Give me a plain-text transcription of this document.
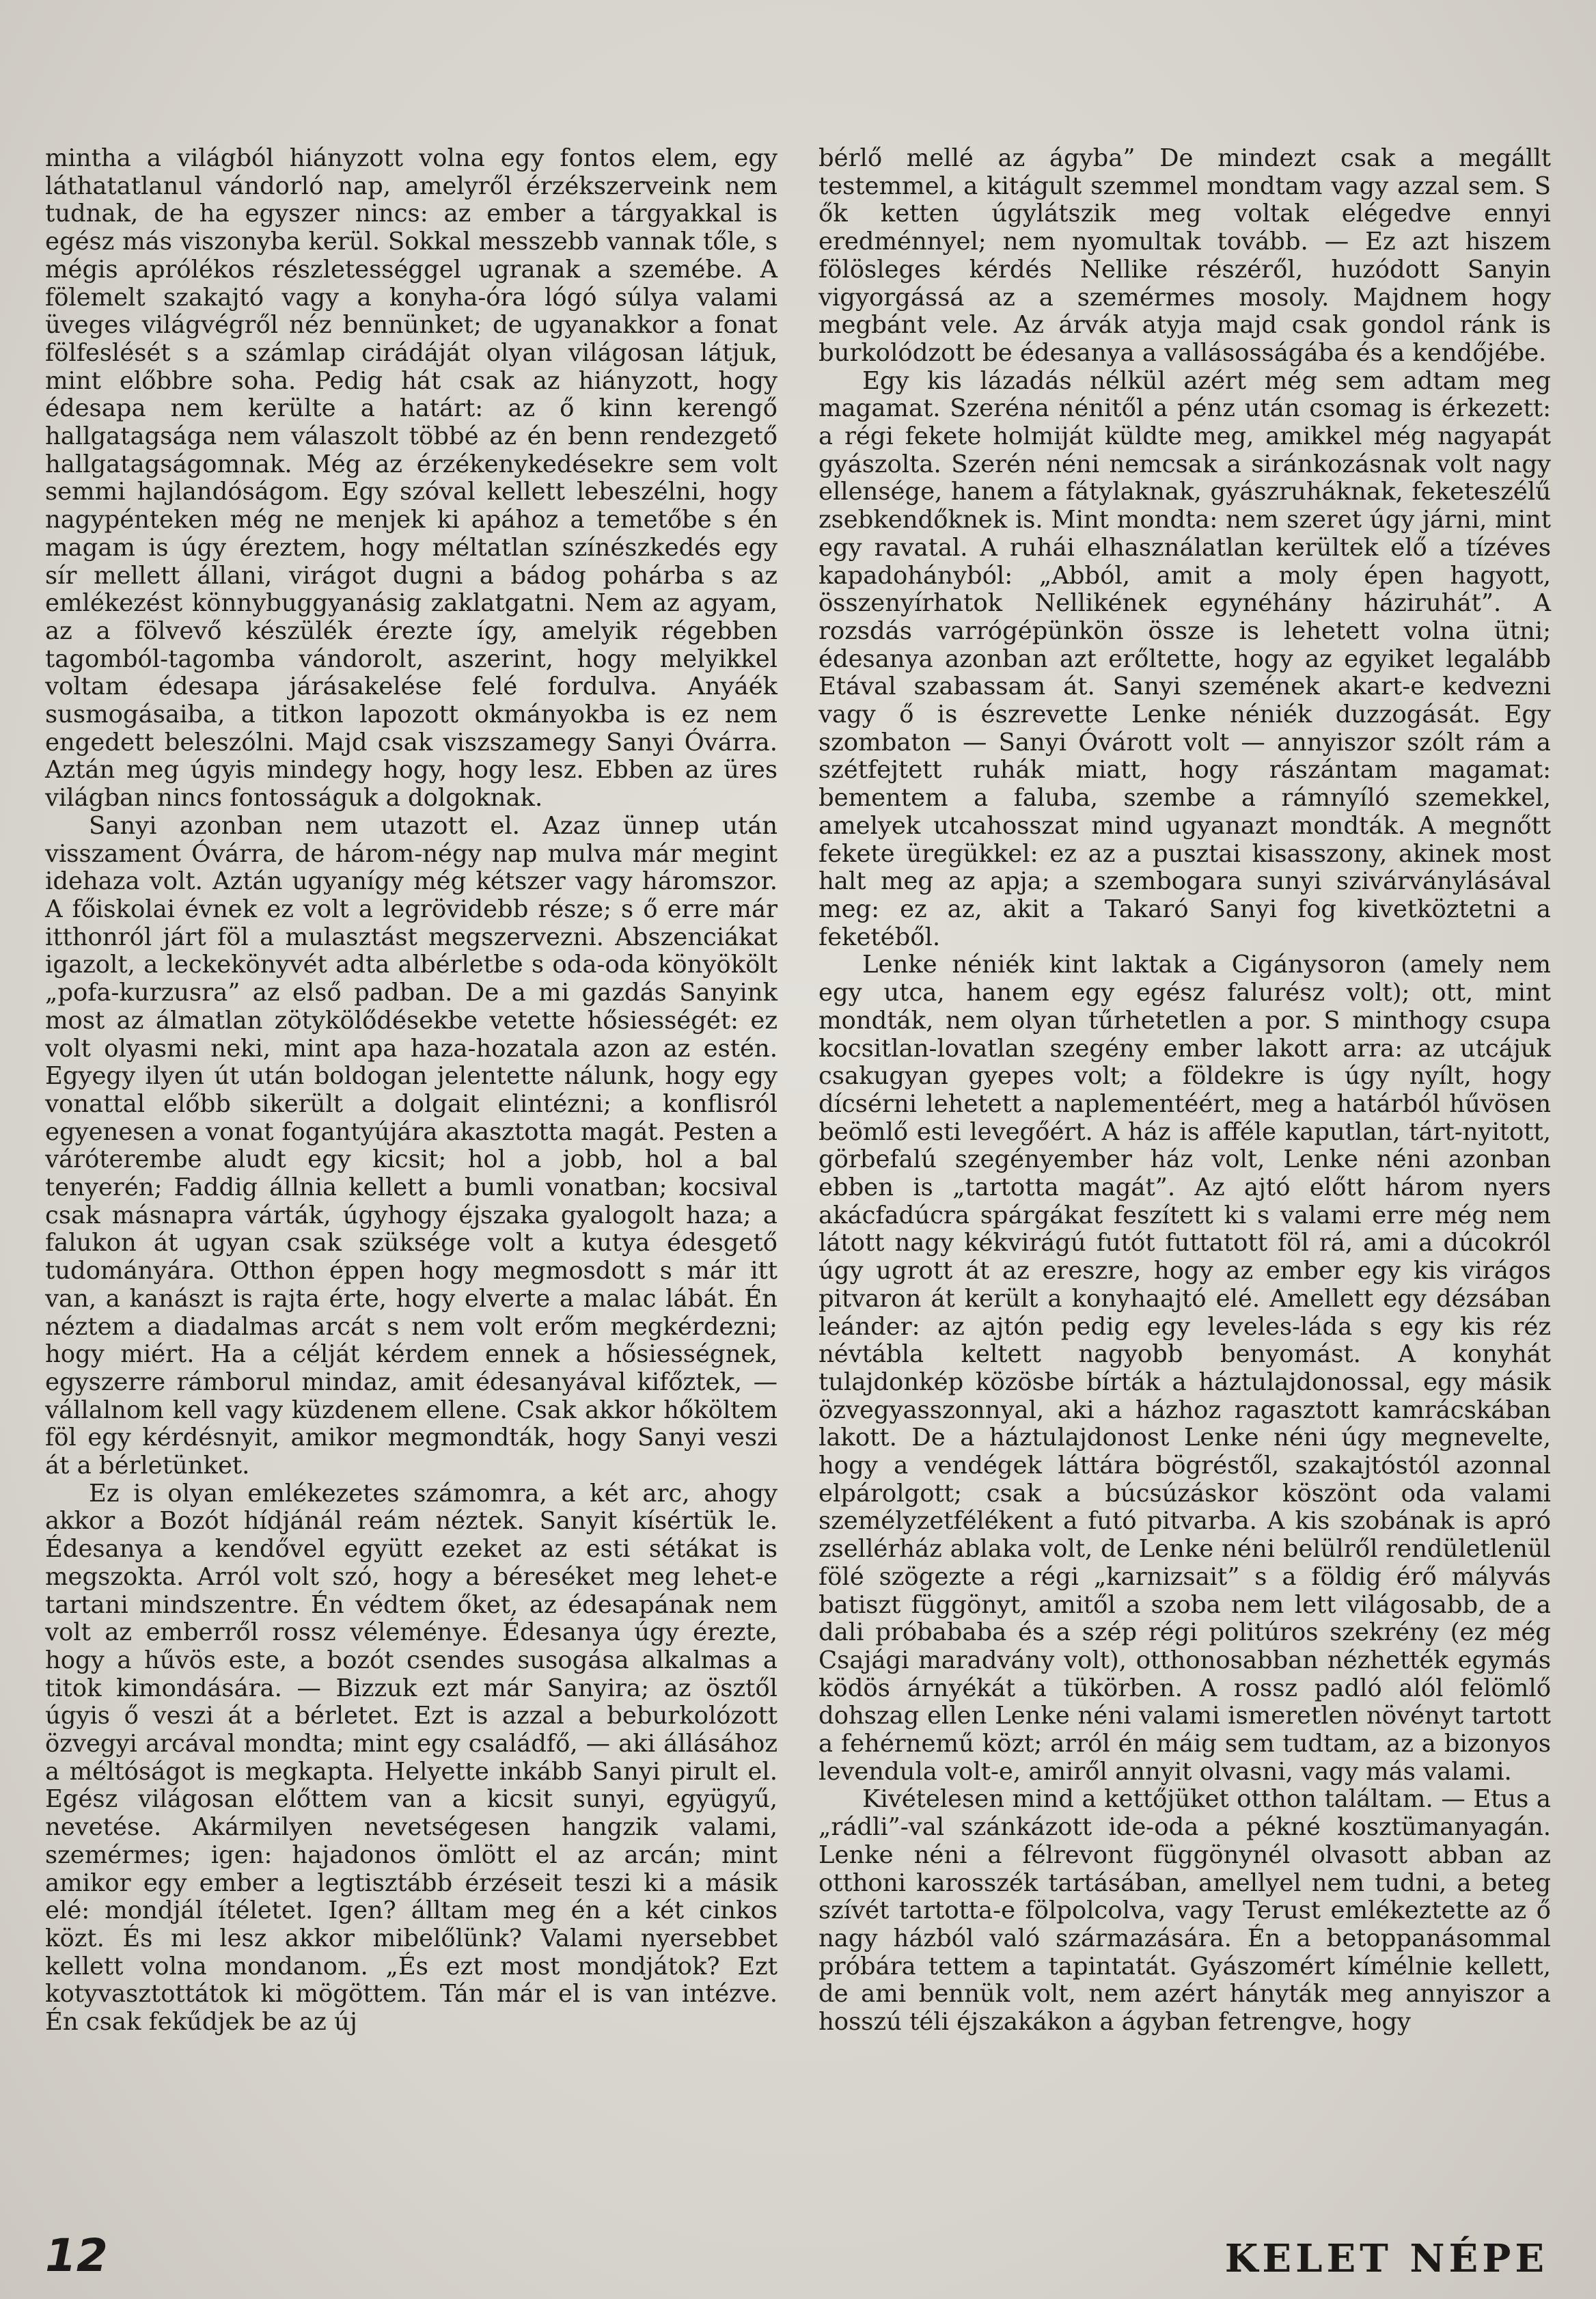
mintha a világból hiányzott volna egy fontos elem, egy láthatatlanul vándorló nap, amelyről érzékszerveink nem tudnak, de ha egyszer nincs: az ember a tárgyakkal is egész más viszonyba kerül. Sokkal messzebb vannak tőle, s mégis aprólékos részletességgel ugranak a szemébe. A fölemelt szakajtó vagy a konyha-óra lógó súlya valami üveges világvégről néz bennünket; de ugyanakkor a fonat fölfeslését s a számlap cirádáját olyan világosan látjuk, mint előbbre soha. Pedig hát csak az hiányzott, hogy édesapa nem kerülte a határt: az ő kinn kerengő hallgatagsága nem válaszolt többé az én benn rendezgető hallgatagságomnak. Még az érzékenykedésekre sem volt semmi hajlandóságom. Egy szóval kellett lebeszélni, hogy nagypénteken még ne menjek ki apához a temetőbe s én magam is úgy éreztem, hogy méltatlan színészkedés egy sír mellett állani, virágot dugni a bádog pohárba s az emlékezést könnybuggyanásig zaklatgatni. Nem az agyam, az a fölvevő készülék érezte így, amelyik régebben tagomból-tagomba vándorolt, aszerint, hogy melyikkel voltam édesapa járásakelése felé fordulva. Anyáék susmogásaiba, a titkon lapozott okmányokba is ez nem engedett beleszólni. Majd csak viszszamegy Sanyi Óvárra. Aztán meg úgyis mindegy hogy, hogy lesz. Ebben az üres világban nincs fontosságuk a dolgoknak.

Sanyi azonban nem utazott el. Azaz ünnep után visszament Óvárra, de három-négy nap mulva már megint idehaza volt. Aztán ugyanígy még kétszer vagy háromszor. A főiskolai évnek ez volt a legrövidebb része; s ő erre már itthonról járt föl a mulasztást megszervezni. Abszenciákat igazolt, a leckekönyvét adta albérletbe s oda-oda könyökölt „pofa-kurzusra” az első padban. De a mi gazdás Sanyink most az álmatlan zötykölődésekbe vetette hősiességét: ez volt olyasmi neki, mint apa haza-hozatala azon az estén. Egyegy ilyen út után boldogan jelentette nálunk, hogy egy vonattal előbb sikerült a dolgait elintézni; a konflisról egyenesen a vonat fogantyújára akasztotta magát. Pesten a váróterembe aludt egy kicsit; hol a jobb, hol a bal tenyerén; Faddig állnia kellett a bumli vonatban; kocsival csak másnapra várták, úgyhogy éjszaka gyalogolt haza; a falukon át ugyan csak szüksége volt a kutya édesgető tudományára. Otthon éppen hogy megmosdott s már itt van, a kanászt is rajta érte, hogy elverte a malac lábát. Én néztem a diadalmas arcát s nem volt erőm megkérdezni; hogy miért. Ha a célját kérdem ennek a hősiességnek, egyszerre rámborul mindaz, amit édesanyával kifőztek, — vállalnom kell vagy küzdenem ellene. Csak akkor hőköltem föl egy kérdésnyit, amikor megmondták, hogy Sanyi veszi át a bérletünket.

Ez is olyan emlékezetes számomra, a két arc, ahogy akkor a Bozót hídjánál reám néztek. Sanyit kísértük le. Édesanya a kendővel együtt ezeket az esti sétákat is megszokta. Arról volt szó, hogy a béreséket meg lehet-e tartani mindszentre. Én védtem őket, az édesapának nem volt az emberről rossz véleménye. Édesanya úgy érezte, hogy a hűvös este, a bozót csendes susogása alkalmas a titok kimondására. — Bizzuk ezt már Sanyira; az ösztől úgyis ő veszi át a bérletet. Ezt is azzal a beburkolózott özvegyi arcával mondta; mint egy családfő, — aki állásához a méltóságot is megkapta. Helyette inkább Sanyi pirult el. Egész világosan előttem van a kicsit sunyi, együgyű, nevetése. Akármilyen nevetségesen hangzik valami, szemérmes; igen: hajadonos ömlött el az arcán; mint amikor egy ember a legtisztább érzéseit teszi ki a másik elé: mondjál ítéletet. Igen? álltam meg én a két cinkos közt. És mi lesz akkor mibelőlünk? Valami nyersebbet kellett volna mondanom. „És ezt most mondjátok? Ezt kotyvasztottátok ki mögöttem. Tán már el is van intézve. Én csak fekűdjek be az új

bérlő mellé az ágyba” De mindezt csak a megállt testemmel, a kitágult szemmel mondtam vagy azzal sem. S ők ketten úgylátszik meg voltak elégedve ennyi eredménnyel; nem nyomultak tovább. — Ez azt hiszem fölösleges kérdés Nellike részéről, huzódott Sanyin vigyorgássá az a szemérmes mosoly. Majdnem hogy megbánt vele. Az árvák atyja majd csak gondol ránk is burkolódzott be édesanya a vallásosságába és a kendőjébe.

Egy kis lázadás nélkül azért még sem adtam meg magamat. Szeréna nénitől a pénz után csomag is érkezett: a régi fekete holmiját küldte meg, amikkel még nagyapát gyászolta. Szerén néni nemcsak a siránkozásnak volt nagy ellensége, hanem a fátylaknak, gyászruháknak, feketeszélű zsebkendőknek is. Mint mondta: nem szeret úgy járni, mint egy ravatal. A ruhái elhasználatlan kerültek elő a tízéves kapadohányból: „Abból, amit a moly épen hagyott, összenyírhatok Nellikének egynéhány háziruhát”. A rozsdás varrógépünkön össze is lehetett volna ütni; édesanya azonban azt erőltette, hogy az egyiket legalább Etával szabassam át. Sanyi szemének akart-e kedvezni vagy ő is észrevette Lenke néniék duzzogását. Egy szombaton — Sanyi Óvárott volt — annyiszor szólt rám a szétfejtett ruhák miatt, hogy rászántam magamat: bementem a faluba, szembe a rámnyíló szemekkel, amelyek utcahosszat mind ugyanazt mondták. A megnőtt fekete üregükkel: ez az a pusztai kisasszony, akinek most halt meg az apja; a szembogara sunyi szivárványlásával meg: ez az, akit a Takaró Sanyi fog kivetköztetni a feketéből.

Lenke néniék kint laktak a Cigánysoron (amely nem egy utca, hanem egy egész falurész volt); ott, mint mondták, nem olyan tűrhetetlen a por. S minthogy csupa kocsitlan-lovatlan szegény ember lakott arra: az utcájuk csakugyan gyepes volt; a földekre is úgy nyílt, hogy dícsérni lehetett a naplementéért, meg a határból hűvösen beömlő esti levegőért. A ház is afféle kaputlan, tárt-nyitott, görbefalú szegényember ház volt, Lenke néni azonban ebben is „tartotta magát”. Az ajtó előtt három nyers akácfadúcra spárgákat feszített ki s valami erre még nem látott nagy kékvirágú futót futtatott föl rá, ami a dúcokról úgy ugrott át az ereszre, hogy az ember egy kis virágos pitvaron át került a konyhaajtó elé. Amellett egy dézsában leánder: az ajtón pedig egy leveles-láda s egy kis réz névtábla keltett nagyobb benyomást. A konyhát tulajdonkép közösbe bírták a háztulajdonossal, egy másik özvegyasszonnyal, aki a házhoz ragasztott kamrácskában lakott. De a háztulajdonost Lenke néni úgy megnevelte, hogy a vendégek láttára bögréstől, szakajtóstól azonnal elpárolgott; csak a búcsúzáskor köszönt oda valami személyzetfélékent a futó pitvarba. A kis szobának is apró zsellérház ablaka volt, de Lenke néni belülről rendületlenül fölé szögezte a régi „karnizsait” s a földig érő mályvás batiszt függönyt, amitől a szoba nem lett világosabb, de a dali próbababa és a szép régi politúros szekrény (ez még Csajági maradvány volt), otthonosabban nézhették egymás ködös árnyékát a tükörben. A rossz padló alól felömlő dohszag ellen Lenke néni valami ismeretlen növényt tartott a fehérnemű közt; arról én máig sem tudtam, az a bizonyos levendula volt-e, amiről annyit olvasni, vagy más valami.

Kivételesen mind a kettőjüket otthon találtam. — Etus a „rádli”-val szánkázott ide-oda a pékné kosztümanyagán. Lenke néni a félrevont függönynél olvasott abban az otthoni karosszék tartásában, amellyel nem tudni, a beteg szívét tartotta-e fölpolcolva, vagy Terust emlékeztette az ő nagy házból való származására. Én a betoppanásommal próbára tettem a tapintatát. Gyászomért kímélnie kellett, de ami bennük volt, nem azért hányták meg annyiszor a hosszú téli éjszakákon a ágyban fetrengve, hogy

12	KELET NÉPE
